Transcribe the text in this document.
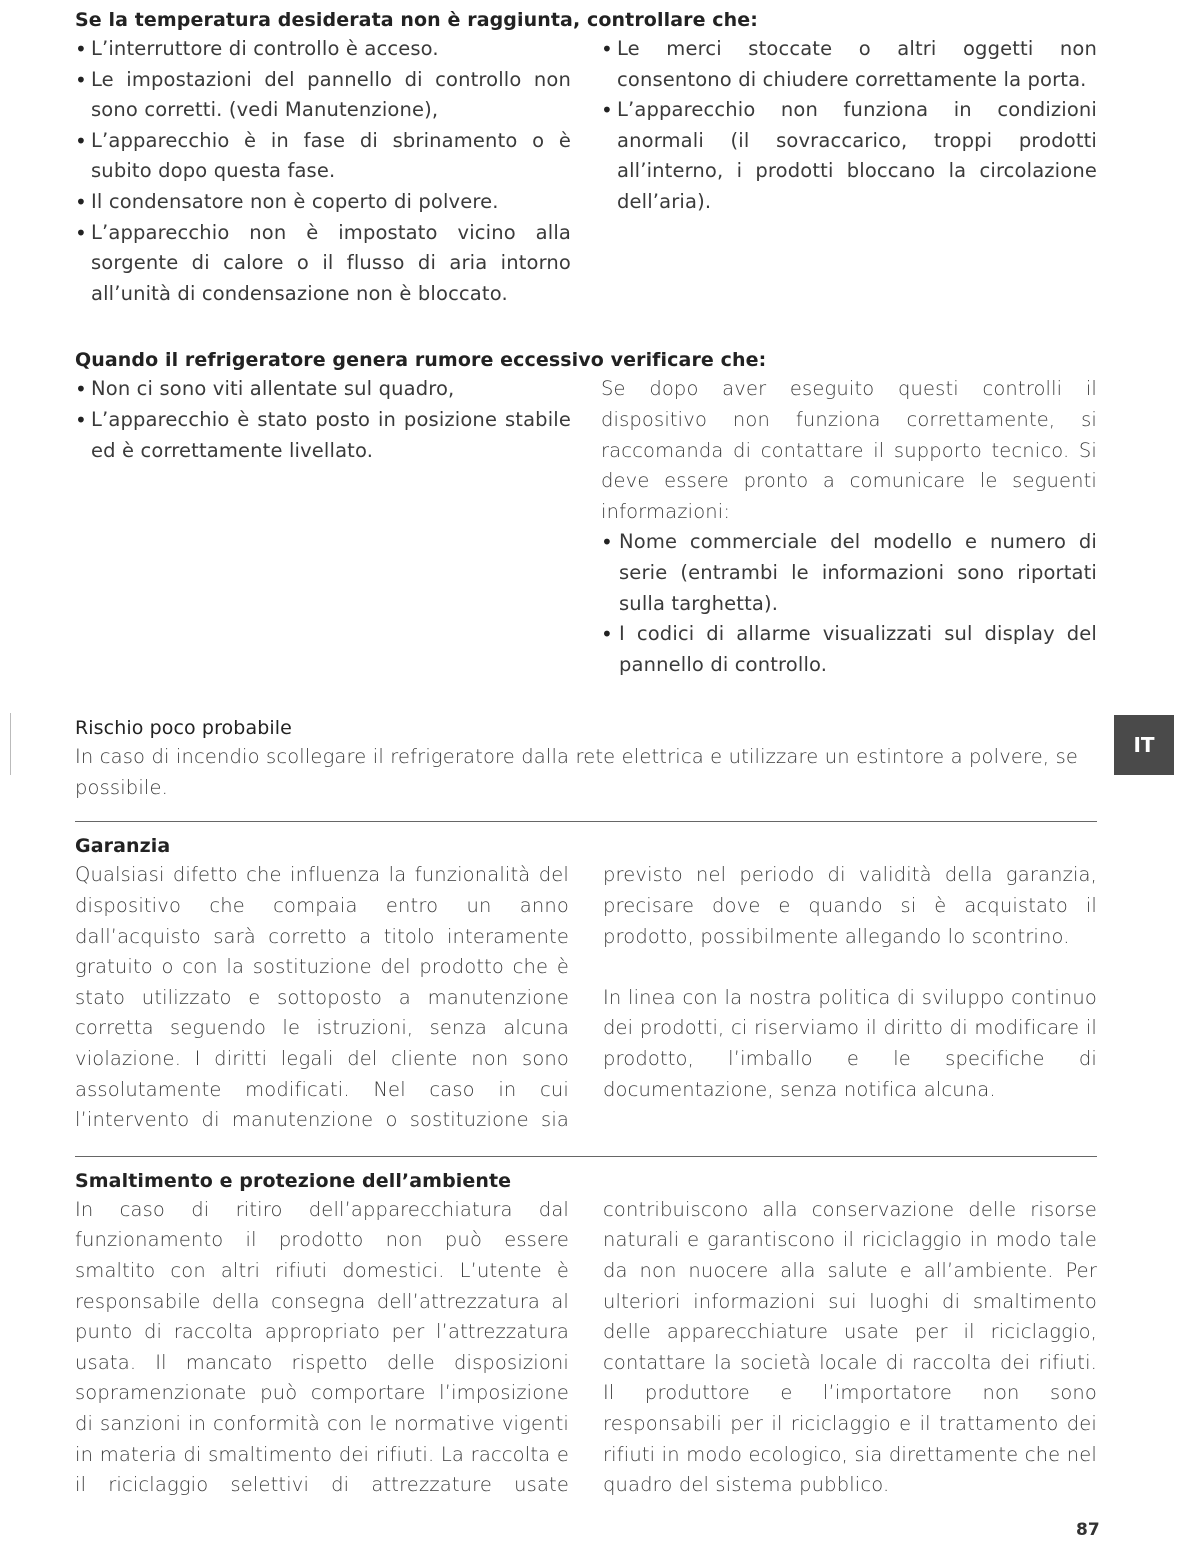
IT
Se la temperatura desiderata non è raggiunta, controllare che:
• L’interruttore di controllo è acceso.
• Le impostazioni del pannello di controllo non sono corretti. (vedi Manutenzione),
• L’apparecchio è in fase di sbrinamento o è subito dopo questa fase.
• Il condensatore non è coperto di polvere.
• L’apparecchio non è impostato vicino alla sorgente di calore o il flusso di aria intorno all’unità di condensazione non è bloccato.
• Le merci stoccate o altri oggetti non consentono di chiudere correttamente la porta.
• L’apparecchio non funziona in condizioni anormali (il sovraccarico, troppi prodotti all’interno, i prodotti bloccano la circolazione dell’aria).
Quando il refrigeratore genera rumore eccessivo verificare che:
• Non ci sono viti allentate sul quadro,
• L’apparecchio è stato posto in posizione stabile ed è correttamente livellato.

Se dopo aver eseguito questi controlli il dispositivo non funziona correttamente, si raccomanda di contattare il supporto tecnico. Si deve essere pronto a comunicare le seguenti informazioni:

• Nome commerciale del modello e numero di serie (entrambi le informazioni sono riportati sulla targhetta).
• I codici di allarme visualizzati sul display del pannello di controllo.
Rischio poco probabile

In caso di incendio scollegare il refrigeratore dalla rete elettrica e utilizzare un estintore a polvere, se possibile.

Garanzia

Qualsiasi difetto che influenza la funzionalità del dispositivo che compaia entro un anno dall’acquisto sarà corretto a titolo interamente gratuito o con la sostituzione del prodotto che è stato utilizzato e sottoposto a manutenzione corretta seguendo le istruzioni, senza alcuna violazione. I diritti legali del cliente non sono assolutamente modificati. Nel caso in cui l’intervento di manutenzione o sostituzione sia previsto nel periodo di validità della garanzia, precisare dove e quando si è acquistato il prodotto, possibilmente allegando lo scontrino.

In linea con la nostra politica di sviluppo continuo dei prodotti, ci riserviamo il diritto di modificare il prodotto, l’imballo e le specifiche di documentazione, senza notifica alcuna.

Smaltimento e protezione dell’ambiente

In caso di ritiro dell’apparecchiatura dal funzionamento il prodotto non può essere smaltito con altri rifiuti domestici. L’utente è responsabile della consegna dell’attrezzatura al punto di raccolta appropriato per l’attrezzatura usata. Il mancato rispetto delle disposizioni sopramenzionate può comportare l’imposizione di sanzioni in conformità con le normative vigenti in materia di smaltimento dei rifiuti. La raccolta e il riciclaggio selettivi di attrezzature usate contribuiscono alla conservazione delle risorse naturali e garantiscono il riciclaggio in modo tale da non nuocere alla salute e all’ambiente. Per ulteriori informazioni sui luoghi di smaltimento delle apparecchiature usate per il riciclaggio, contattare la società locale di raccolta dei rifiuti. Il produttore e l’importatore non sono responsabili per il riciclaggio e il trattamento dei rifiuti in modo ecologico, sia direttamente che nel quadro del sistema pubblico.

87
